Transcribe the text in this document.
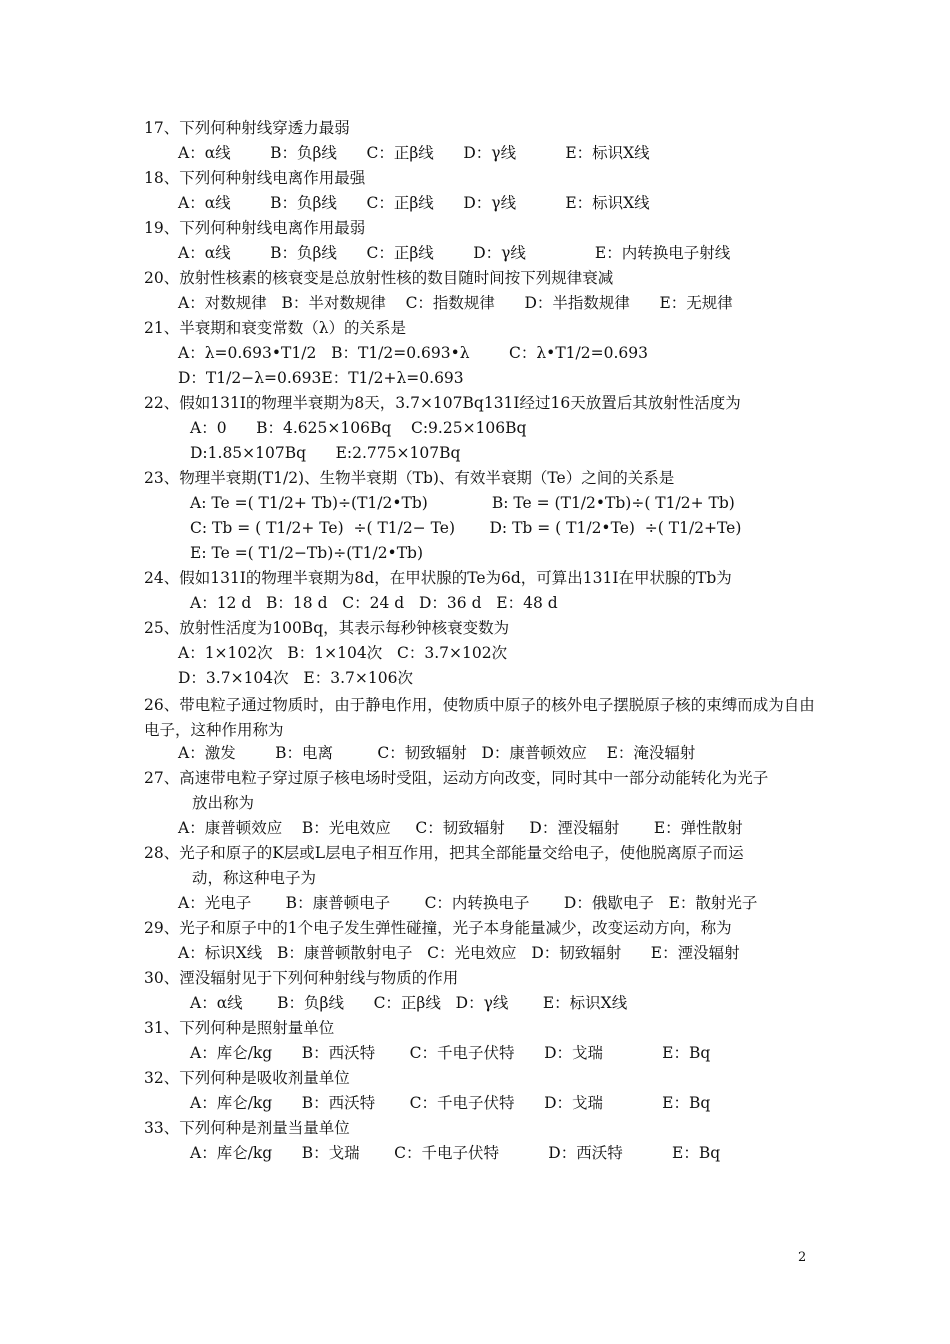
17、下列何种射线穿透力最弱
A：α线        B：负β线      C：正β线      D：γ线          E：标识X线
18、下列何种射线电离作用最强
A：α线        B：负β线      C：正β线      D：γ线          E：标识X线
19、下列何种射线电离作用最弱
A：α线        B：负β线      C：正β线        D：γ线              E：内转换电子射线
20、放射性核素的核衰变是总放射性核的数目随时间按下列规律衰减
A：对数规律   B：半对数规律    C：指数规律      D：半指数规律      E：无规律
21、半衰期和衰变常数（λ）的关系是
A：λ=0.693•T1/2   B：T1/2=0.693•λ        C：λ•T1/2=0.693
D：T1/2−λ=0.693E：T1/2+λ=0.693
22、假如131I的物理半衰期为8天，3.7×107Bq131I经过16天放置后其放射性活度为
A：0      B：4.625×106Bq    C:9.25×106Bq
D:1.85×107Bq      E:2.775×107Bq
23、物理半衰期(T1/2)、生物半衰期（Tb)、有效半衰期（Te）之间的关系是
A: Te =( T1/2+ Tb)÷(T1/2•Tb)             B: Te = (T1/2•Tb)÷( T1/2+ Tb)
C: Tb = ( T1/2+ Te)  ÷( T1/2− Te)       D: Tb = ( T1/2•Te)  ÷( T1/2+Te)
E: Te =( T1/2−Tb)÷(T1/2•Tb)
24、假如131I的物理半衰期为8d，在甲状腺的Te为6d，可算出131I在甲状腺的Tb为
A：12 d   B：18 d   C：24 d   D：36 d   E：48 d
25、放射性活度为100Bq，其表示每秒钟核衰变数为
A：1×102次   B：1×104次   C：3.7×102次
D：3.7×104次   E：3.7×106次
26、带电粒子通过物质时，由于静电作用，使物质中原子的核外电子摆脱原子核的束缚而成为自由电子，这种作用称为
A：激发        B：电离         C：韧致辐射   D：康普顿效应    E：淹没辐射
27、高速带电粒子穿过原子核电场时受阻，运动方向改变，同时其中一部分动能转化为光子
放出称为
A：康普顿效应    B：光电效应     C：韧致辐射     D：湮没辐射       E：弹性散射
28、光子和原子的K层或L层电子相互作用，把其全部能量交给电子，使他脱离原子而运
动，称这种电子为
A：光电子       B：康普顿电子       C：内转换电子       D：俄歇电子   E：散射光子
29、光子和原子中的1个电子发生弹性碰撞，光子本身能量减少，改变运动方向，称为
A：标识X线   B：康普顿散射电子   C：光电效应   D：韧致辐射      E：湮没辐射
30、湮没辐射见于下列何种射线与物质的作用
A：α线       B：负β线      C：正β线   D：γ线       E：标识X线
31、下列何种是照射量单位
A：库仑/kg      B：西沃特       C：千电子伏特      D：戈瑞            E：Bq
32、下列何种是吸收剂量单位
A：库仑/kg      B：西沃特       C：千电子伏特      D：戈瑞            E：Bq
33、下列何种是剂量当量单位
A：库仑/kg      B：戈瑞       C：千电子伏特          D：西沃特          E：Bq
2
